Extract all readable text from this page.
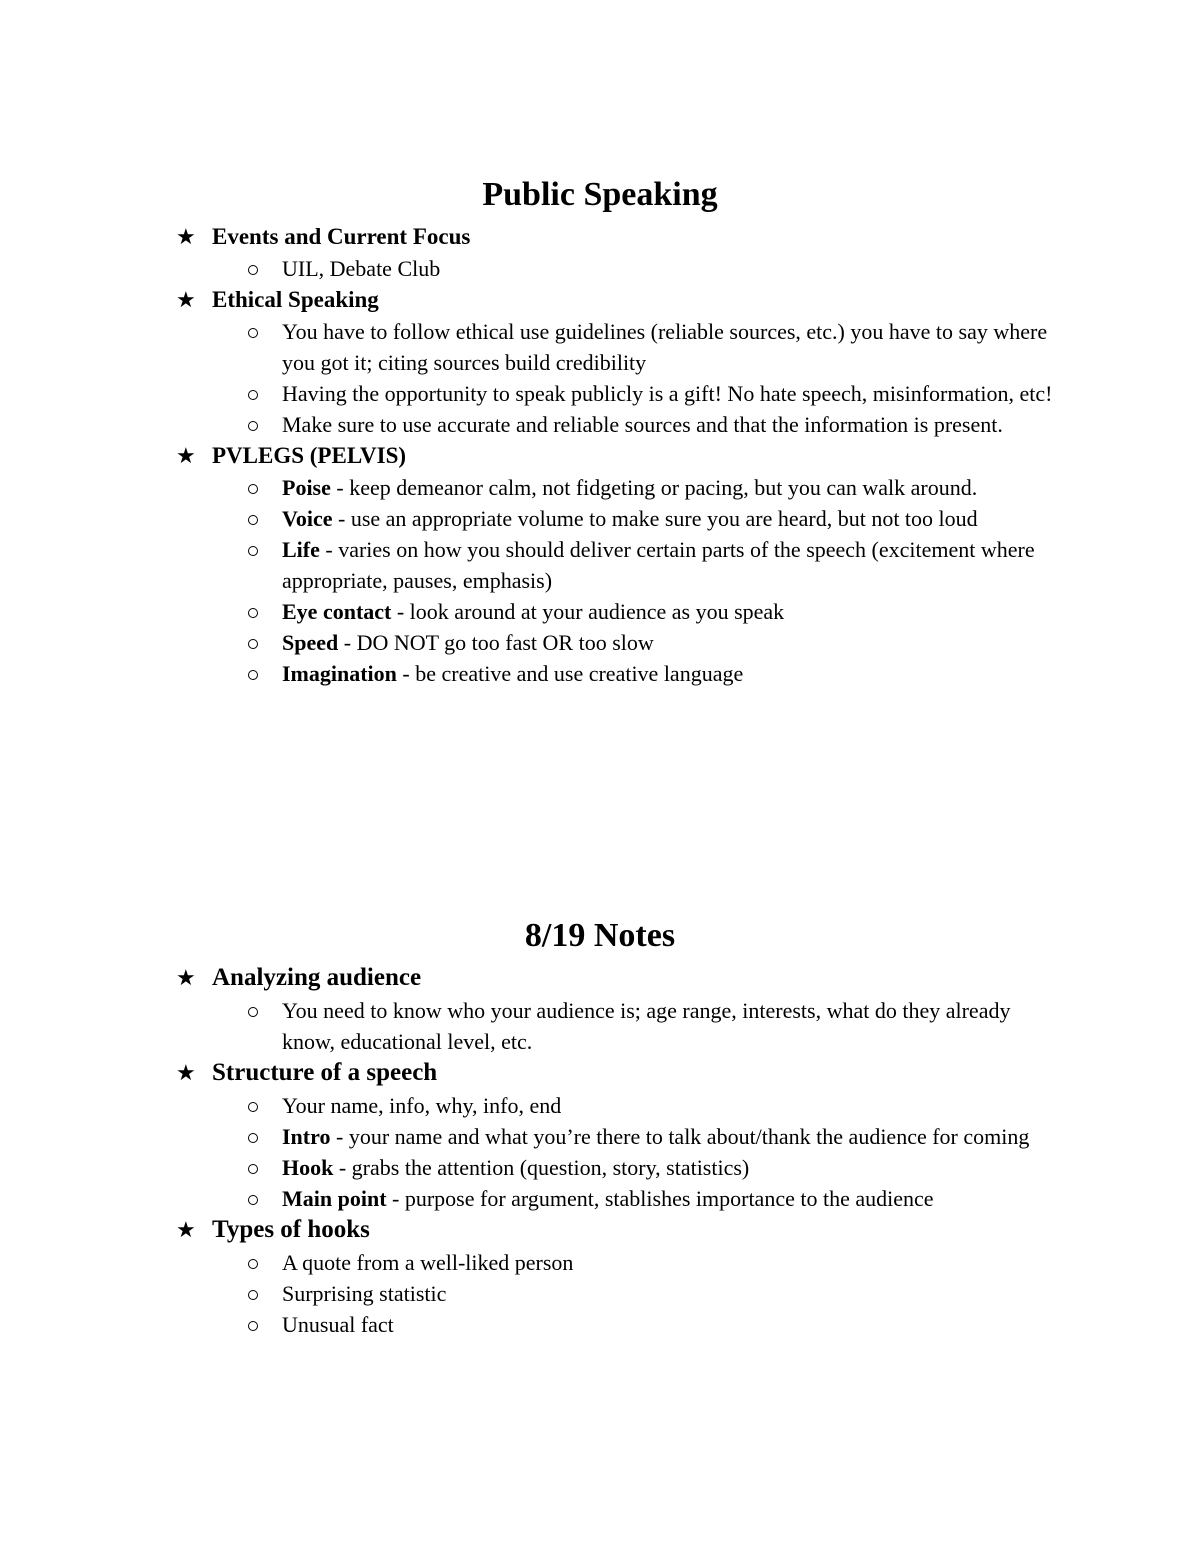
Public Speaking
★ Events and Current Focus
UIL, Debate Club
★ Ethical Speaking
You have to follow ethical use guidelines (reliable sources, etc.) you have to say where you got it; citing sources build credibility
Having the opportunity to speak publicly is a gift! No hate speech, misinformation, etc!
Make sure to use accurate and reliable sources and that the information is present.
★ PVLEGS (PELVIS)
Poise - keep demeanor calm, not fidgeting or pacing, but you can walk around.
Voice - use an appropriate volume to make sure you are heard, but not too loud
Life - varies on how you should deliver certain parts of the speech (excitement where appropriate, pauses, emphasis)
Eye contact - look around at your audience as you speak
Speed - DO NOT go too fast OR too slow
Imagination - be creative and use creative language
8/19 Notes
★ Analyzing audience
You need to know who your audience is; age range, interests, what do they already know, educational level, etc.
★ Structure of a speech
Your name, info, why, info, end
Intro - your name and what you’re there to talk about/thank the audience for coming
Hook - grabs the attention (question, story, statistics)
Main point - purpose for argument, stablishes importance to the audience
★ Types of hooks
A quote from a well-liked person
Surprising statistic
Unusual fact
